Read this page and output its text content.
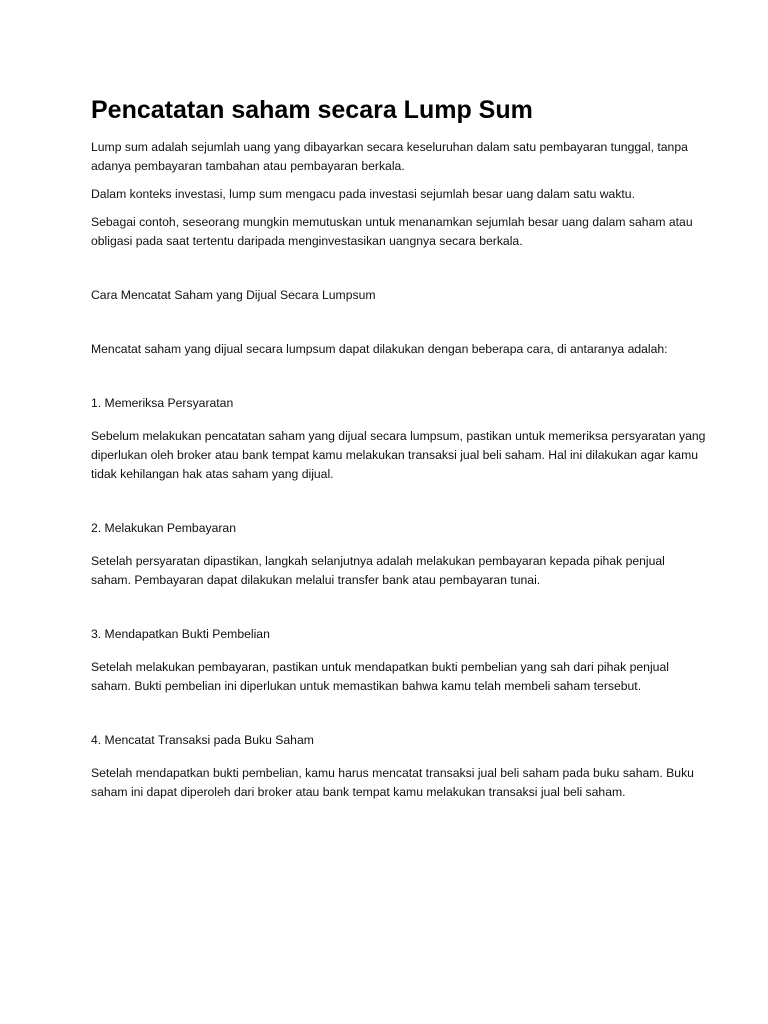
Pencatatan saham secara Lump Sum

Lump sum adalah sejumlah uang yang dibayarkan secara keseluruhan dalam satu pembayaran tunggal, tanpa adanya pembayaran tambahan atau pembayaran berkala.

Dalam konteks investasi, lump sum mengacu pada investasi sejumlah besar uang dalam satu waktu.

Sebagai contoh, seseorang mungkin memutuskan untuk menanamkan sejumlah besar uang dalam saham atau obligasi pada saat tertentu daripada menginvestasikan uangnya secara berkala.

Cara Mencatat Saham yang Dijual Secara Lumpsum

Mencatat saham yang dijual secara lumpsum dapat dilakukan dengan beberapa cara, di antaranya adalah:

1. Memeriksa Persyaratan

Sebelum melakukan pencatatan saham yang dijual secara lumpsum, pastikan untuk memeriksa persyaratan yang diperlukan oleh broker atau bank tempat kamu melakukan transaksi jual beli saham. Hal ini dilakukan agar kamu tidak kehilangan hak atas saham yang dijual.

2. Melakukan Pembayaran

Setelah persyaratan dipastikan, langkah selanjutnya adalah melakukan pembayaran kepada pihak penjual saham. Pembayaran dapat dilakukan melalui transfer bank atau pembayaran tunai.

3. Mendapatkan Bukti Pembelian

Setelah melakukan pembayaran, pastikan untuk mendapatkan bukti pembelian yang sah dari pihak penjual saham. Bukti pembelian ini diperlukan untuk memastikan bahwa kamu telah membeli saham tersebut.

4. Mencatat Transaksi pada Buku Saham

Setelah mendapatkan bukti pembelian, kamu harus mencatat transaksi jual beli saham pada buku saham. Buku saham ini dapat diperoleh dari broker atau bank tempat kamu melakukan transaksi jual beli saham.
